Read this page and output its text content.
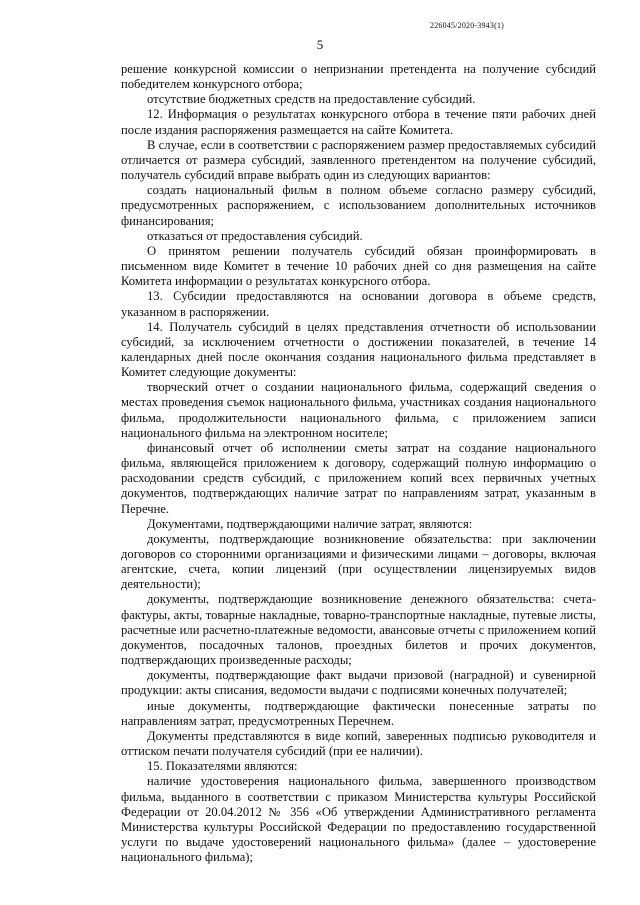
226045/2020-3943(1)
5

решение конкурсной комиссии о непризнании претендента на получение субсидий победителем конкурсного отбора;

отсутствие бюджетных средств на предоставление субсидий.

12. Информация о результатах конкурсного отбора в течение пяти рабочих дней после издания распоряжения размещается на сайте Комитета.

В случае, если в соответствии с распоряжением размер предоставляемых субсидий отличается от размера субсидий, заявленного претендентом на получение субсидий, получатель субсидий вправе выбрать один из следующих вариантов:

создать национальный фильм в полном объеме согласно размеру субсидий, предусмотренных распоряжением, с использованием дополнительных источников финансирования;

отказаться от предоставления субсидий.

О принятом решении получатель субсидий обязан проинформировать в письменном виде Комитет в течение 10 рабочих дней со дня размещения на сайте Комитета информации о результатах конкурсного отбора.

13. Субсидии предоставляются на основании договора в объеме средств, указанном в распоряжении.

14. Получатель субсидий в целях представления отчетности об использовании субсидий, за исключением отчетности о достижении показателей, в течение 14 календарных дней после окончания создания национального фильма представляет в Комитет следующие документы:

творческий отчет о создании национального фильма, содержащий сведения о местах проведения съемок национального фильма, участниках создания национального фильма, продолжительности национального фильма, с приложением записи национального фильма на электронном носителе;

финансовый отчет об исполнении сметы затрат на создание национального фильма, являющейся приложением к договору, содержащий полную информацию о расходовании средств субсидий, с приложением копий всех первичных учетных документов, подтверждающих наличие затрат по направлениям затрат, указанным в Перечне.

Документами, подтверждающими наличие затрат, являются:

документы, подтверждающие возникновение обязательства: при заключении договоров со сторонними организациями и физическими лицами – договоры, включая агентские, счета, копии лицензий (при осуществлении лицензируемых видов деятельности);

документы, подтверждающие возникновение денежного обязательства: счета-фактуры, акты, товарные накладные, товарно-транспортные накладные, путевые листы, расчетные или расчетно-платежные ведомости, авансовые отчеты с приложением копий документов, посадочных талонов, проездных билетов и прочих документов, подтверждающих произведенные расходы;

документы, подтверждающие факт выдачи призовой (наградной) и сувенирной продукции: акты списания, ведомости выдачи с подписями конечных получателей;

иные документы, подтверждающие фактически понесенные затраты по направлениям затрат, предусмотренных Перечнем.

Документы представляются в виде копий, заверенных подписью руководителя и оттиском печати получателя субсидий (при ее наличии).

15. Показателями являются:

наличие удостоверения национального фильма, завершенного производством фильма, выданного в соответствии с приказом Министерства культуры Российской Федерации от 20.04.2012 № 356 «Об утверждении Административного регламента Министерства культуры Российской Федерации по предоставлению государственной услуги по выдаче удостоверений национального фильма» (далее – удостоверение национального фильма);
